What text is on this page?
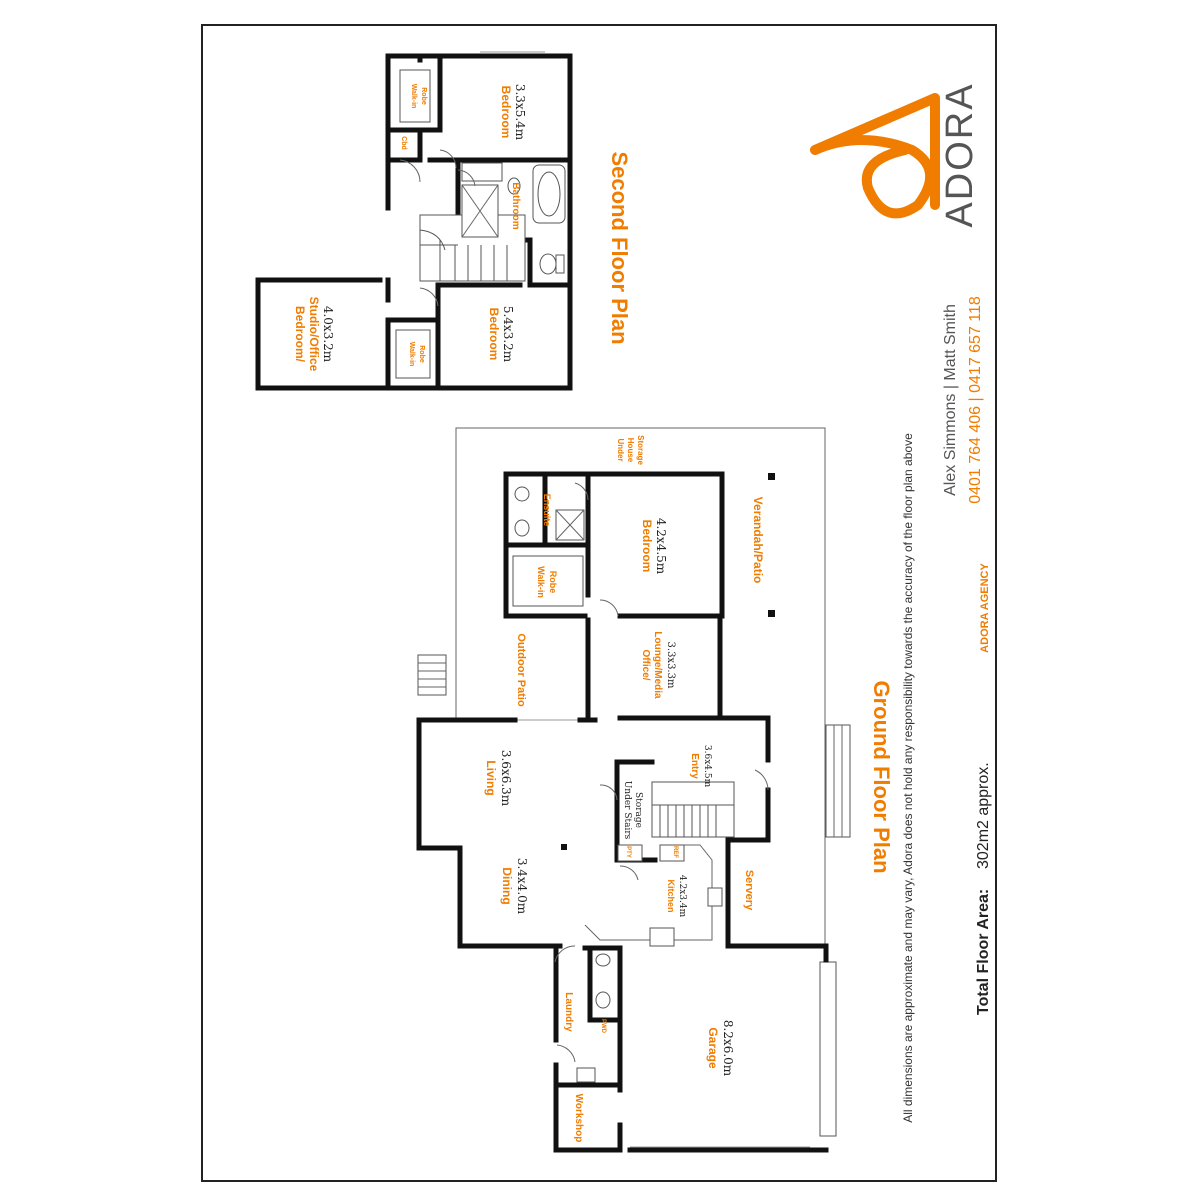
Bedroom 3.3x5.4m
Walk-in Robe
Cbd
Bathroom
Bedroom 5.4x3.2m
Walk-in Robe
Bedroom/ Studio/Office 4.0x3.2m	Second Floor Plan
Under House Storage
Ensuite
Walk-in Robe
Bedroom 4.2x4.5m	Verandah/Patio
Outdoor Patio	Office/ Lounge/Media 3.3x3.3m
Living 3.6x6.3m	Entry 3.6x4.5m
Under Stairs Storage
PTY	REF
Dining 3.4x4.0m	Kitchen 4.2x3.4m	Servery
Laundry	PWD
Garage 8.2x6.0m
Workshop
Ground Floor Plan All dimensions are approximate and may vary, Adora does not hold any responsibility towards the accuracy of the floor plan above
Alex Simmons | Matt Smith 0401 764 406 | 0417 657 118
ADORA AGENCY
Total Floor Area:
302m2 approx.
ADORA
